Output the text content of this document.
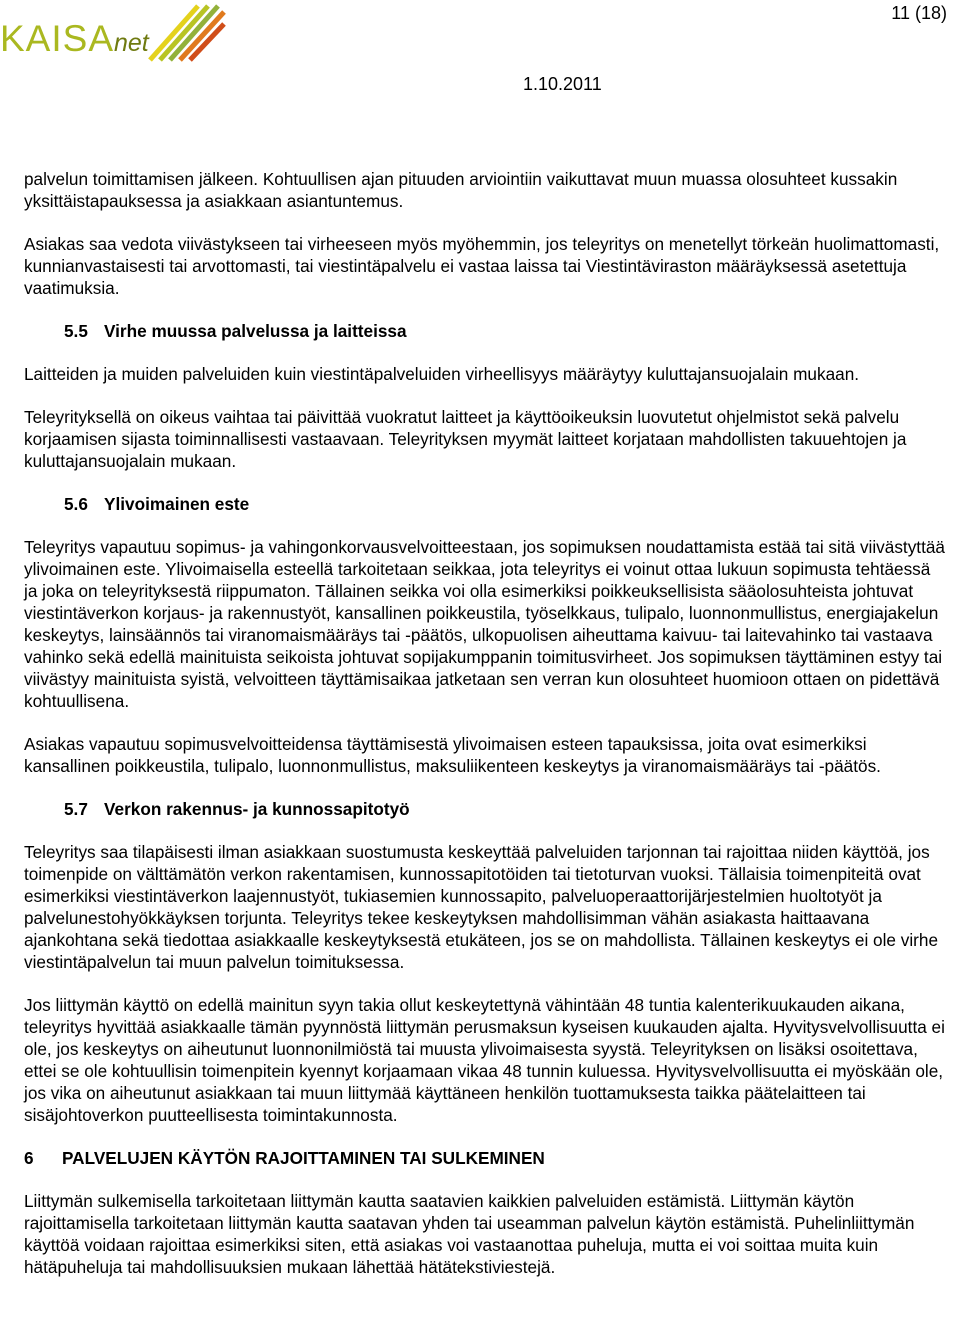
KAISAnet
11 (18)
1.10.2011

palvelun toimittamisen jälkeen. Kohtuullisen ajan pituuden arviointiin vaikuttavat muun muassa olosuhteet kussakin yksittäistapauksessa ja asiakkaan asiantuntemus.

Asiakas saa vedota viivästykseen tai virheeseen myös myöhemmin, jos teleyritys on menetellyt törkeän huolimattomasti, kunnianvastaisesti tai arvottomasti, tai viestintäpalvelu ei vastaa laissa tai Viestintäviraston määräyksessä asetettuja vaatimuksia.

5.5 Virhe muussa palvelussa ja laitteissa

Laitteiden ja muiden palveluiden kuin viestintäpalveluiden virheellisyys määräytyy kuluttajansuojalain mukaan.

Teleyrityksellä on oikeus vaihtaa tai päivittää vuokratut laitteet ja käyttöoikeuksin luovutetut ohjelmistot sekä palvelu korjaamisen sijasta toiminnallisesti vastaavaan. Teleyrityksen myymät laitteet korjataan mahdollisten takuuehtojen ja kuluttajansuojalain mukaan.

5.6 Ylivoimainen este

Teleyritys vapautuu sopimus- ja vahingonkorvausvelvoitteestaan, jos sopimuksen noudattamista estää tai sitä viivästyttää ylivoimainen este. Ylivoimaisella esteellä tarkoitetaan seikkaa, jota teleyritys ei voinut ottaa lukuun sopimusta tehtäessä ja joka on teleyrityksestä riippumaton. Tällainen seikka voi olla esimerkiksi poikkeuksellisista sääolosuhteista johtuvat viestintäverkon korjaus- ja rakennustyöt, kansallinen poikkeustila, työselkkaus, tulipalo, luonnonmullistus, energiajakelun keskeytys, lainsäännös tai viranomaismääräys tai -päätös, ulkopuolisen aiheuttama kaivuu- tai laitevahinko tai vastaava vahinko sekä edellä mainituista seikoista johtuvat sopijakumppanin toimitusvirheet. Jos sopimuksen täyttäminen estyy tai viivästyy mainituista syistä, velvoitteen täyttämisaikaa jatketaan sen verran kun olosuhteet huomioon ottaen on pidettävä kohtuullisena.

Asiakas vapautuu sopimusvelvoitteidensa täyttämisestä ylivoimaisen esteen tapauksissa, joita ovat esimerkiksi kansallinen poikkeustila, tulipalo, luonnonmullistus, maksuliikenteen keskeytys ja viranomaismääräys tai -päätös.

5.7 Verkon rakennus- ja kunnossapitotyö

Teleyritys saa tilapäisesti ilman asiakkaan suostumusta keskeyttää palveluiden tarjonnan tai rajoittaa niiden käyttöä, jos toimenpide on välttämätön verkon rakentamisen, kunnossapitotöiden tai tietoturvan vuoksi. Tällaisia toimenpiteitä ovat esimerkiksi viestintäverkon laajennustyöt, tukiasemien kunnossapito, palveluoperaattorijärjestelmien huoltotyöt ja palvelunestohyökkäyksen torjunta. Teleyritys tekee keskeytyksen mahdollisimman vähän asiakasta haittaavana ajankohtana sekä tiedottaa asiakkaalle keskeytyksestä etukäteen, jos se on mahdollista. Tällainen keskeytys ei ole virhe viestintäpalvelun tai muun palvelun toimituksessa.

Jos liittymän käyttö on edellä mainitun syyn takia ollut keskeytettynä vähintään 48 tuntia kalenterikuukauden aikana, teleyritys hyvittää asiakkaalle tämän pyynnöstä liittymän perusmaksun kyseisen kuukauden ajalta. Hyvitysvelvollisuutta ei ole, jos keskeytys on aiheutunut luonnonilmiöstä tai muusta ylivoimaisesta syystä. Teleyrityksen on lisäksi osoitettava, ettei se ole kohtuullisin toimenpitein kyennyt korjaamaan vikaa 48 tunnin kuluessa. Hyvitysvelvollisuutta ei myöskään ole, jos vika on aiheutunut asiakkaan tai muun liittymää käyttäneen henkilön tuottamuksesta taikka päätelaitteen tai sisäjohtoverkon puutteellisesta toimintakunnosta.

6 PALVELUJEN KÄYTÖN RAJOITTAMINEN TAI SULKEMINEN

Liittymän sulkemisella tarkoitetaan liittymän kautta saatavien kaikkien palveluiden estämistä. Liittymän käytön rajoittamisella tarkoitetaan liittymän kautta saatavan yhden tai useamman palvelun käytön estämistä. Puhelinliittymän käyttöä voidaan rajoittaa esimerkiksi siten, että asiakas voi vastaanottaa puheluja, mutta ei voi soittaa muita kuin hätäpuheluja tai mahdollisuuksien mukaan lähettää hätätekstiviestejä.
